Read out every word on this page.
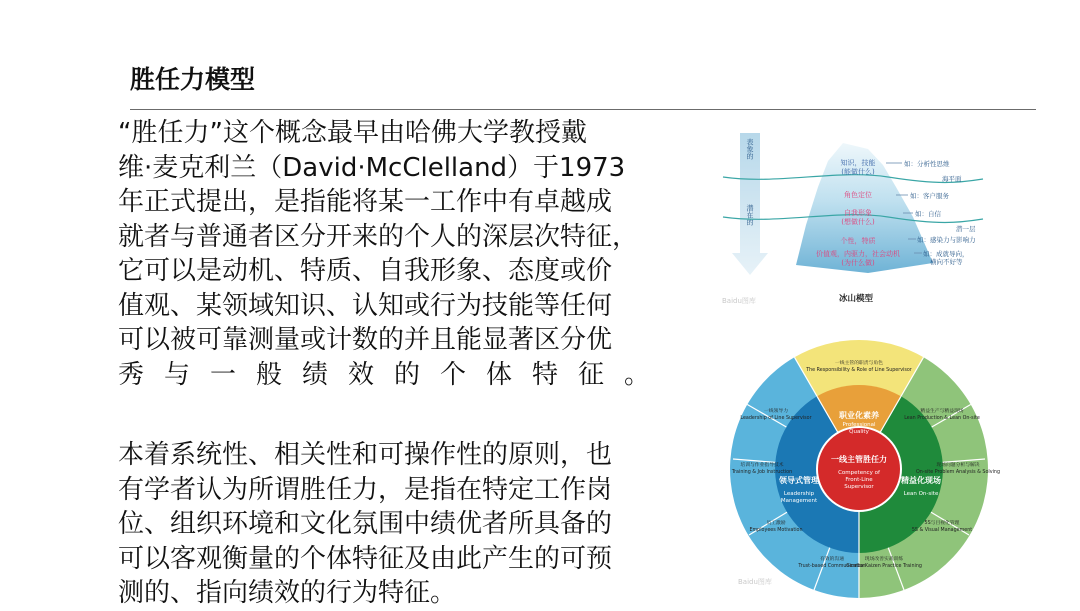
胜任力模型
“胜任力”这个概念最早由哈佛大学教授戴
维·麦克利兰（David·McClelland）于1973
年正式提出，是指能将某一工作中有卓越成
就者与普通者区分开来的个人的深层次特征，
它可以是动机、特质、自我形象、态度或价
值观、某领域知识、认知或行为技能等任何
可以被可靠测量或计数的并且能显著区分优
秀与一般绩效的个体特征。
本着系统性、相关性和可操作性的原则，也
有学者认为所谓胜任力，是指在特定工作岗
位、组织环境和文化氛围中绩优者所具备的
可以客观衡量的个体特征及由此产生的可预
测的、指向绩效的行为特征。
表象的
潜在的
知识，技能
(能做什么)
角色定位
自我形象
(想做什么)
个性，特质
价值观，内驱力，社会动机
(为什么做)
如：分析性思维
海平面
如：客户服务
如：自信
潜一层
如：感染力与影响力
如：成就导向，
横向不好等
Baidu图库	冰山模型
一线主管胜任力
Competency of
Front-Line
Supervisor
职业化素养
Professional
Quality
精益化现场
Lean On-site
领导式管理
Leadership
Management
一线主管的职责与角色
The Responsibility & Role of Line Supervisor
精益生产与精益现场
Lean Production & Lean On-site
现场问题分析与解决
On-site Problem Analysis & Solving
5S与目视化管理
5S & Visual Management
现场改善实战训练
Gemba Kaizen Practice Training
有效的沟通
Trust-based Communication
员工激励
Employees Motivation
培训与作业指导技术
Training & Job Instruction
一线领导力
Leadership of Line Supervisor
Baidu图库
